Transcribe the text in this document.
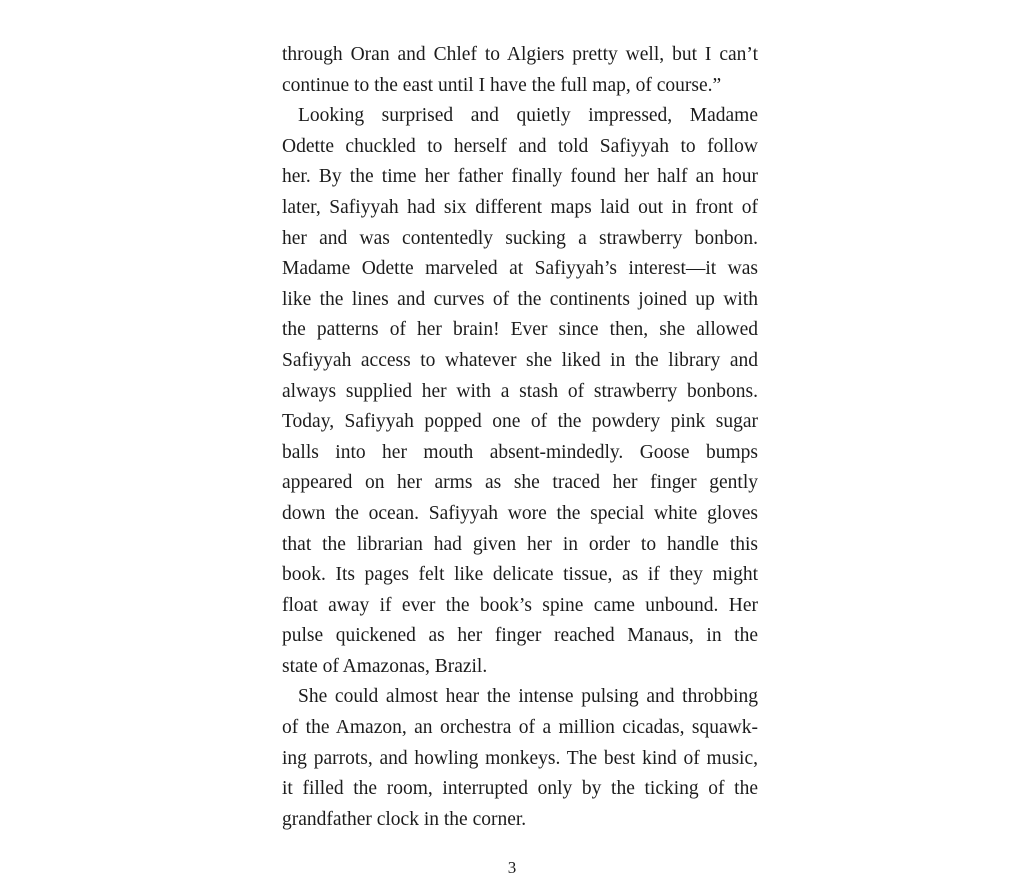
through Oran and Chlef to Algiers pretty well, but I can’t
continue to the east until I have the full map, of course.”
Looking surprised and quietly impressed, Madame
Odette chuckled to herself and told Safiyyah to follow
her. By the time her father finally found her half an hour
later, Safiyyah had six different maps laid out in front of
her and was contentedly sucking a strawberry bonbon.
Madame Odette marveled at Safiyyah’s interest—it was
like the lines and curves of the continents joined up with
the patterns of her brain! Ever since then, she allowed
Safiyyah access to whatever she liked in the library and
always supplied her with a stash of strawberry bonbons.
Today, Safiyyah popped one of the powdery pink sugar
balls into her mouth absent-mindedly. Goose bumps
appeared on her arms as she traced her finger gently
down the ocean. Safiyyah wore the special white gloves
that the librarian had given her in order to handle this
book. Its pages felt like delicate tissue, as if they might
float away if ever the book’s spine came unbound. Her
pulse quickened as her finger reached Manaus, in the
state of Amazonas, Brazil.
She could almost hear the intense pulsing and throbbing
of the Amazon, an orchestra of a million cicadas, squawk-
ing parrots, and howling monkeys. The best kind of music,
it filled the room, interrupted only by the ticking of the
grandfather clock in the corner.
3
